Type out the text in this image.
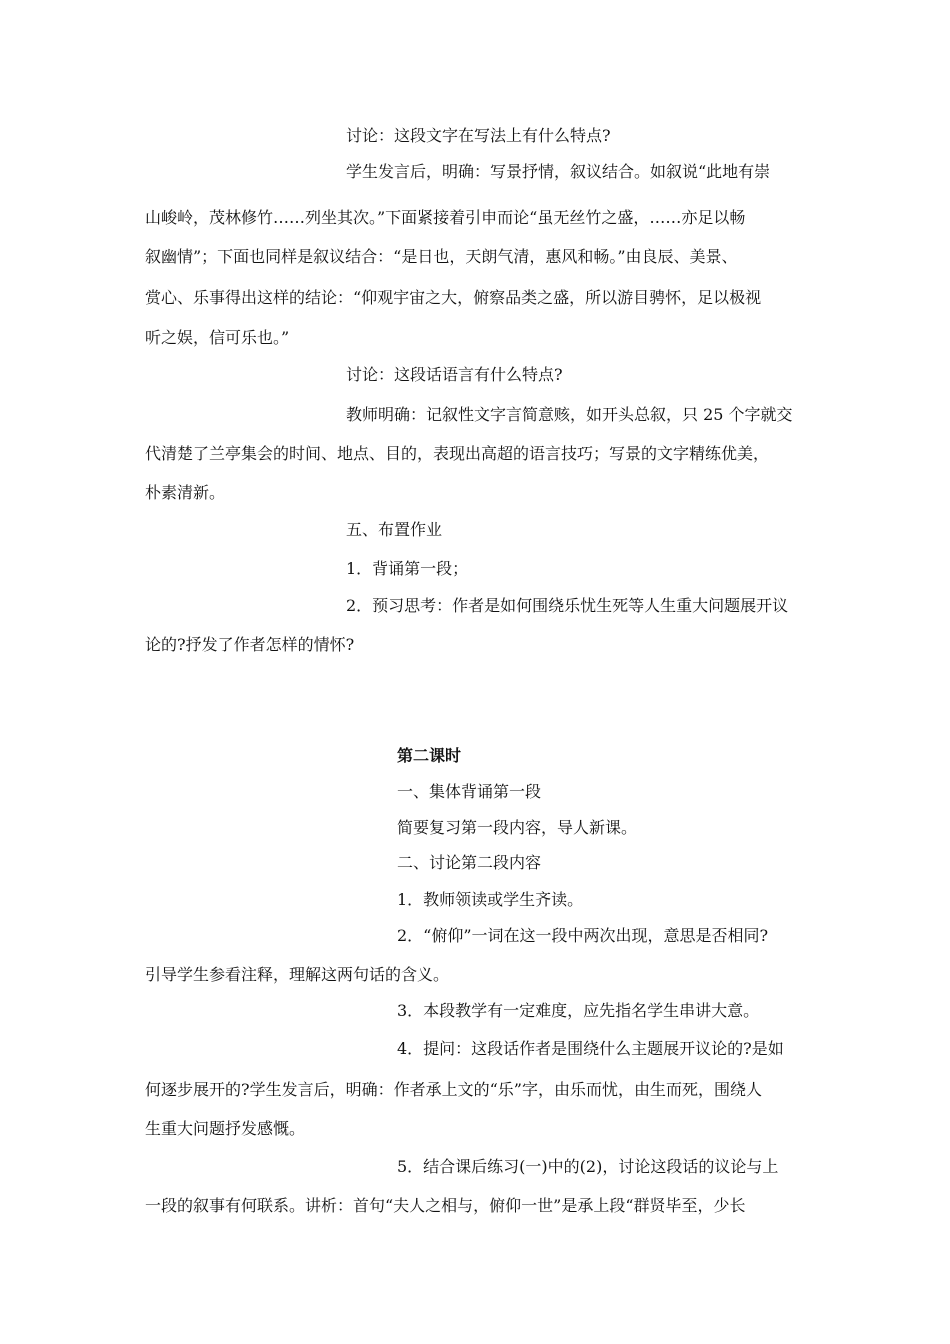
讨论：这段文字在写法上有什么特点?
学生发言后，明确：写景抒情，叙议结合。如叙说“此地有崇
山峻岭，茂林修竹……列坐其次。”下面紧接着引申而论“虽无丝竹之盛，……亦足以畅
叙幽情”；下面也同样是叙议结合：“是日也，天朗气清，惠风和畅。”由良辰、美景、
赏心、乐事得出这样的结论：“仰观宇宙之大，俯察品类之盛，所以游目骋怀，足以极视
听之娱，信可乐也。”
讨论：这段话语言有什么特点?
教师明确：记叙性文字言简意赅，如开头总叙，只 25 个字就交
代清楚了兰亭集会的时间、地点、目的，表现出高超的语言技巧；写景的文字精练优美，
朴素清新。
五、布置作业
1．背诵第一段；
2．预习思考：作者是如何围绕乐忧生死等人生重大问题展开议
论的?抒发了作者怎样的情怀?
第二课时
一、集体背诵第一段
简要复习第一段内容，导人新课。
二、讨论第二段内容
1．教师领读或学生齐读。
2．“俯仰”一词在这一段中两次出现，意思是否相同?
引导学生参看注释，理解这两句话的含义。
3．本段教学有一定难度，应先指名学生串讲大意。
4．提问：这段话作者是围绕什么主题展开议论的?是如
何逐步展开的?学生发言后，明确：作者承上文的“乐”字，由乐而忧，由生而死，围绕人
生重大问题抒发感慨。
5．结合课后练习(一)中的(2)，讨论这段话的议论与上
一段的叙事有何联系。讲析：首句“夫人之相与，俯仰一世”是承上段“群贤毕至，少长
